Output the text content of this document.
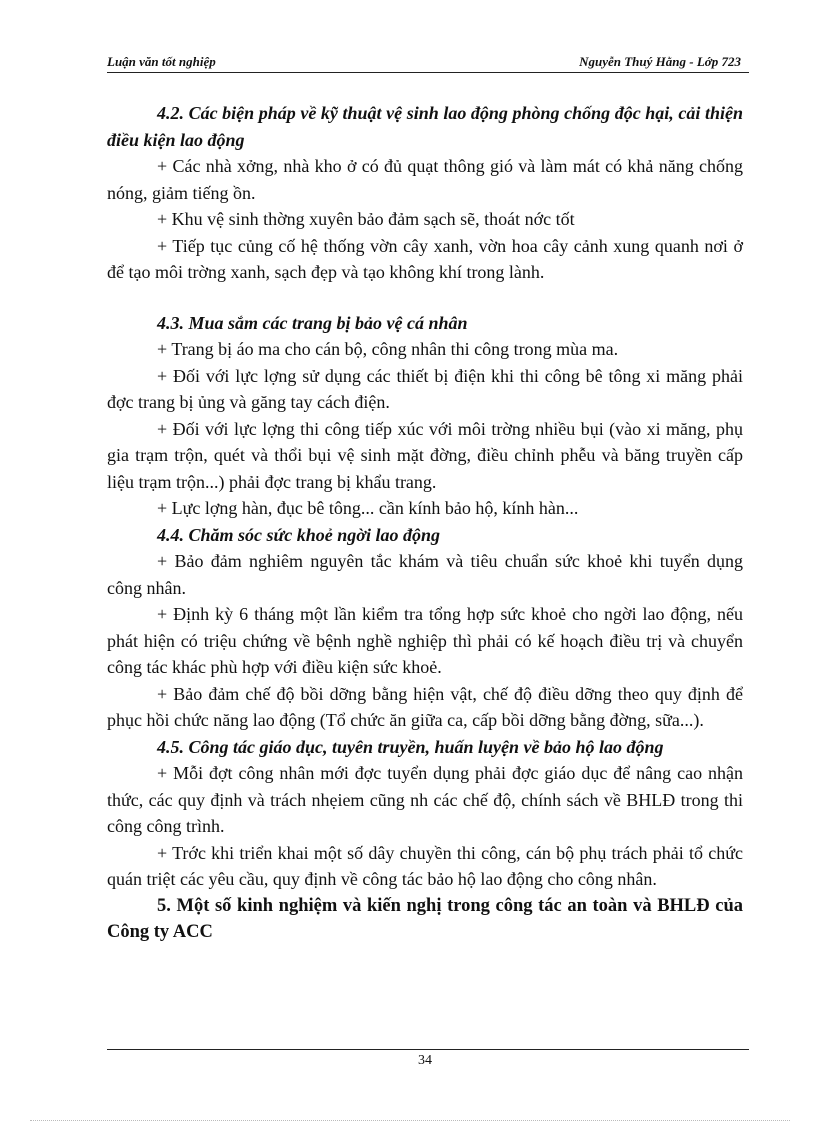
Luận văn tốt nghiệp	Nguyễn Thuý Hằng - Lớp 723

4.2. Các biện pháp về kỹ thuật vệ sinh lao động phòng chống độc hại, cải thiện điều kiện lao động

+ Các nhà xởng, nhà kho ở có đủ quạt thông gió và làm mát có khả năng chống nóng, giảm tiếng ồn.

+ Khu vệ sinh thờng xuyên bảo đảm sạch sẽ, thoát nớc tốt

+ Tiếp tục củng cố hệ thống vờn cây xanh, vờn hoa cây cảnh xung quanh nơi ở để tạo môi trờng xanh, sạch đẹp và tạo không khí trong lành.

4.3. Mua sắm các trang bị bảo vệ cá nhân

+ Trang bị áo ma cho cán bộ, công nhân thi công trong mùa ma.

+ Đối với lực lợng sử dụng các thiết bị điện khi thi công bê tông xi măng phải đợc trang bị ủng và găng tay cách điện.

+ Đối với lực lợng thi công tiếp xúc với môi trờng nhiều bụi (vào xi măng, phụ gia trạm trộn, quét và thổi bụi vệ sinh mặt đờng, điều chỉnh phễu và băng truyền cấp liệu trạm trộn...) phải đợc trang bị khẩu trang.

+ Lực lợng hàn, đục bê tông... cần kính bảo hộ, kính hàn...

4.4. Chăm sóc sức khoẻ ngời lao động

+ Bảo đảm nghiêm nguyên tắc khám và tiêu chuẩn sức khoẻ khi tuyển dụng công nhân.

+ Định kỳ 6 tháng một lần kiểm tra tổng hợp sức khoẻ cho ngời lao động, nếu phát hiện có triệu chứng về bệnh nghề nghiệp thì phải có kế hoạch điều trị và chuyển công tác khác phù hợp với điều kiện sức khoẻ.

+ Bảo đảm chế độ bồi dỡng bằng hiện vật, chế độ điều dỡng theo quy định để phục hồi chức năng lao động (Tổ chức ăn giữa ca, cấp bồi dỡng bằng đờng, sữa...).

4.5. Công tác giáo dục, tuyên truyền, huấn luyện về bảo hộ lao động

+ Mỗi đợt công nhân mới đợc tuyển dụng phải đợc giáo dục để nâng cao nhận thức, các quy định và trách nhẹiem cũng nh các chế độ, chính sách về BHLĐ trong thi công công trình.

+ Trớc khi triển khai một số dây chuyền thi công, cán bộ phụ trách phải tổ chức quán triệt các yêu cầu, quy định về công tác bảo hộ lao động cho công nhân.

5. Một số kinh nghiệm và kiến nghị trong công tác an toàn và BHLĐ của Công ty ACC

34
